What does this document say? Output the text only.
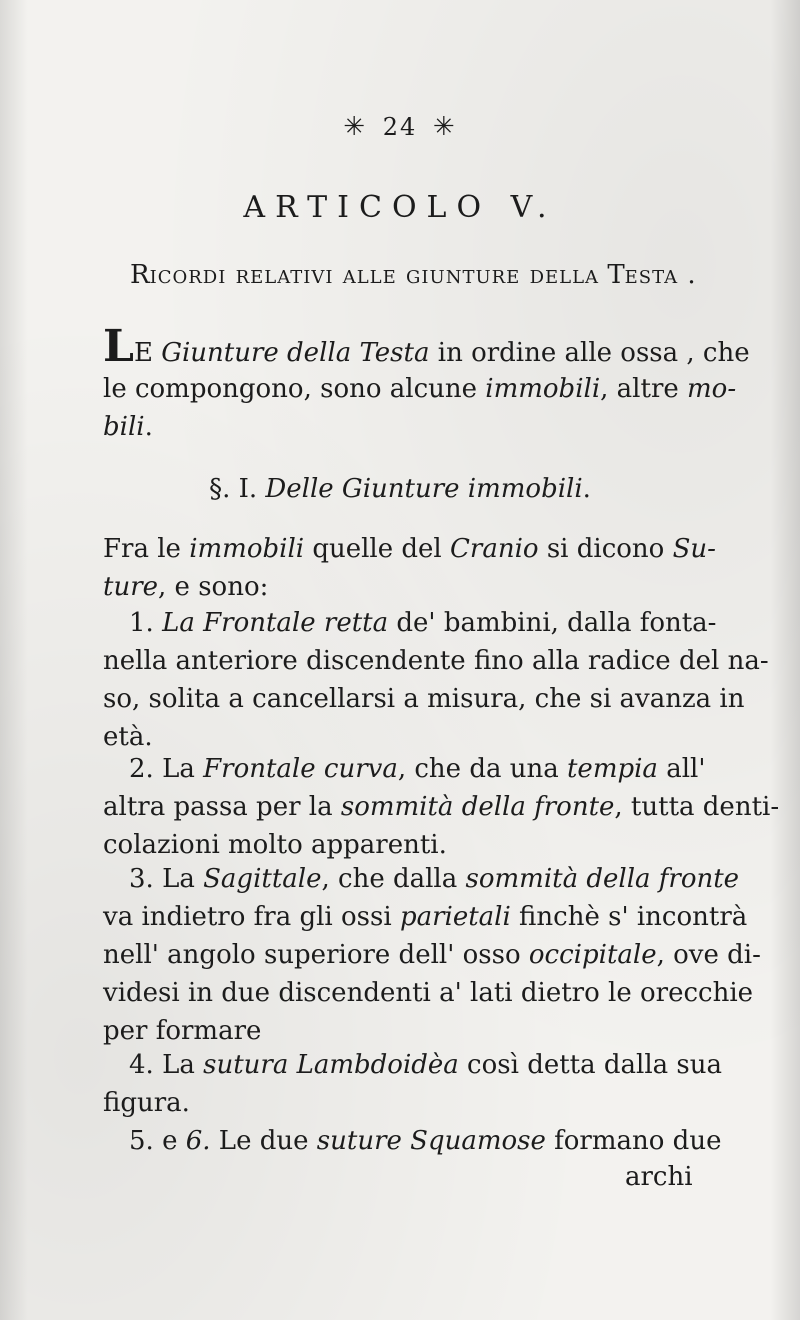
✳ 24 ✳
ARTICOLO V.
Ricordi relativi alle giunture della Testa .
LE Giunture della Testa in ordine alle ossa , che
le compongono, sono alcune immobili, altre mo-
bili.
§. I. Delle Giunture immobili.
Fra le immobili quelle del Cranio si dicono Su-
ture, e sono:
1. La Frontale retta de' bambini, dalla fonta-
nella anteriore discendente fino alla radice del na-
so, solita a cancellarsi a misura, che si avanza in
età.
2. La Frontale curva, che da una tempia all'
altra passa per la sommità della fronte, tutta denti-
colazioni molto apparenti.
3. La Sagittale, che dalla sommità della fronte
va indietro fra gli ossi parietali finchè s' incontrà
nell' angolo superiore dell' osso occipitale, ove di-
videsi in due discendenti a' lati dietro le orecchie
per formare
4. La sutura Lambdoidèa così detta dalla sua
figura.
5. e 6. Le due suture Squamose formano due
archi
